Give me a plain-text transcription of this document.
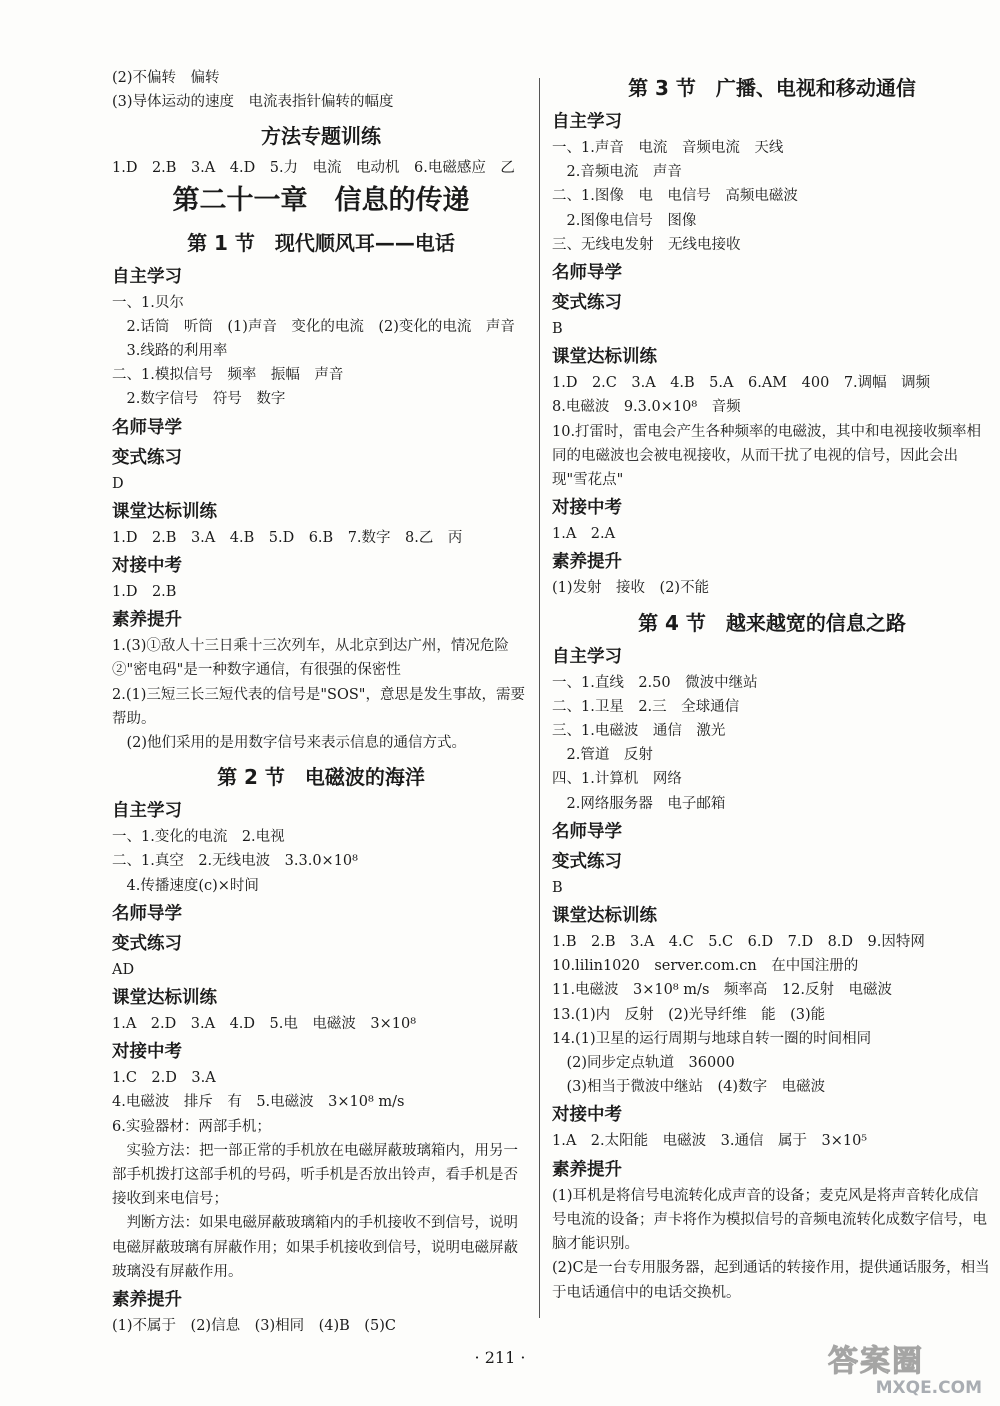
(2)不偏转　偏转
(3)导体运动的速度　电流表指针偏转的幅度
方法专题训练
1.D　2.B　3.A　4.D　5.力　电流　电动机　6.电磁感应　乙
第二十一章　信息的传递
第 1 节　现代顺风耳——电话
自主学习
一、1.贝尔
　2.话筒　听筒　(1)声音　变化的电流　(2)变化的电流　声音
　3.线路的利用率
二、1.模拟信号　频率　振幅　声音
　2.数字信号　符号　数字
名师导学
变式练习
D
课堂达标训练
1.D　2.B　3.A　4.B　5.D　6.B　7.数字　8.乙　丙
对接中考
1.D　2.B
素养提升
1.(3)①敌人十三日乘十三次列车，从北京到达广州，情况危险　②"密电码"是一种数字通信，有很强的保密性
2.(1)三短三长三短代表的信号是"SOS"，意思是发生事故，需要帮助。
　(2)他们采用的是用数字信号来表示信息的通信方式。
第 2 节　电磁波的海洋
自主学习
一、1.变化的电流　2.电视
二、1.真空　2.无线电波　3.3.0×10⁸
　4.传播速度(c)×时间
名师导学
变式练习
AD
课堂达标训练
1.A　2.D　3.A　4.D　5.电　电磁波　3×10⁸
对接中考
1.C　2.D　3.A
4.电磁波　排斥　有　5.电磁波　3×10⁸ m/s
6.实验器材：两部手机；
　实验方法：把一部正常的手机放在电磁屏蔽玻璃箱内，用另一部手机拨打这部手机的号码，听手机是否放出铃声，看手机是否接收到来电信号；
　判断方法：如果电磁屏蔽玻璃箱内的手机接收不到信号，说明电磁屏蔽玻璃有屏蔽作用；如果手机接收到信号，说明电磁屏蔽玻璃没有屏蔽作用。
素养提升
(1)不属于　(2)信息　(3)相同　(4)B　(5)C
第 3 节　广播、电视和移动通信
自主学习
一、1.声音　电流　音频电流　天线
　2.音频电流　声音
二、1.图像　电　电信号　高频电磁波
　2.图像电信号　图像
三、无线电发射　无线电接收
名师导学
变式练习
B
课堂达标训练
1.D　2.C　3.A　4.B　5.A　6.AM　400　7.调幅　调频
8.电磁波　9.3.0×10⁸　音频
10.打雷时，雷电会产生各种频率的电磁波，其中和电视接收频率相同的电磁波也会被电视接收，从而干扰了电视的信号，因此会出现"雪花点"
对接中考
1.A　2.A
素养提升
(1)发射　接收　(2)不能
第 4 节　越来越宽的信息之路
自主学习
一、1.直线　2.50　微波中继站
二、1.卫星　2.三　全球通信
三、1.电磁波　通信　激光
　2.管道　反射
四、1.计算机　网络
　2.网络服务器　电子邮箱
名师导学
变式练习
B
课堂达标训练
1.B　2.B　3.A　4.C　5.C　6.D　7.D　8.D　9.因特网
10.lilin1020　server.com.cn　在中国注册的
11.电磁波　3×10⁸ m/s　频率高　12.反射　电磁波
13.(1)内　反射　(2)光导纤维　能　(3)能
14.(1)卫星的运行周期与地球自转一圈的时间相同
　(2)同步定点轨道　36000
　(3)相当于微波中继站　(4)数字　电磁波
对接中考
1.A　2.太阳能　电磁波　3.通信　属于　3×10⁵
素养提升
(1)耳机是将信号电流转化成声音的设备；麦克风是将声音转化成信号电流的设备；声卡将作为模拟信号的音频电流转化成数字信号，电脑才能识别。
(2)C是一台专用服务器，起到通话的转接作用，提供通话服务，相当于电话通信中的电话交换机。
· 211 ·	答案圈
MXQE.COM
